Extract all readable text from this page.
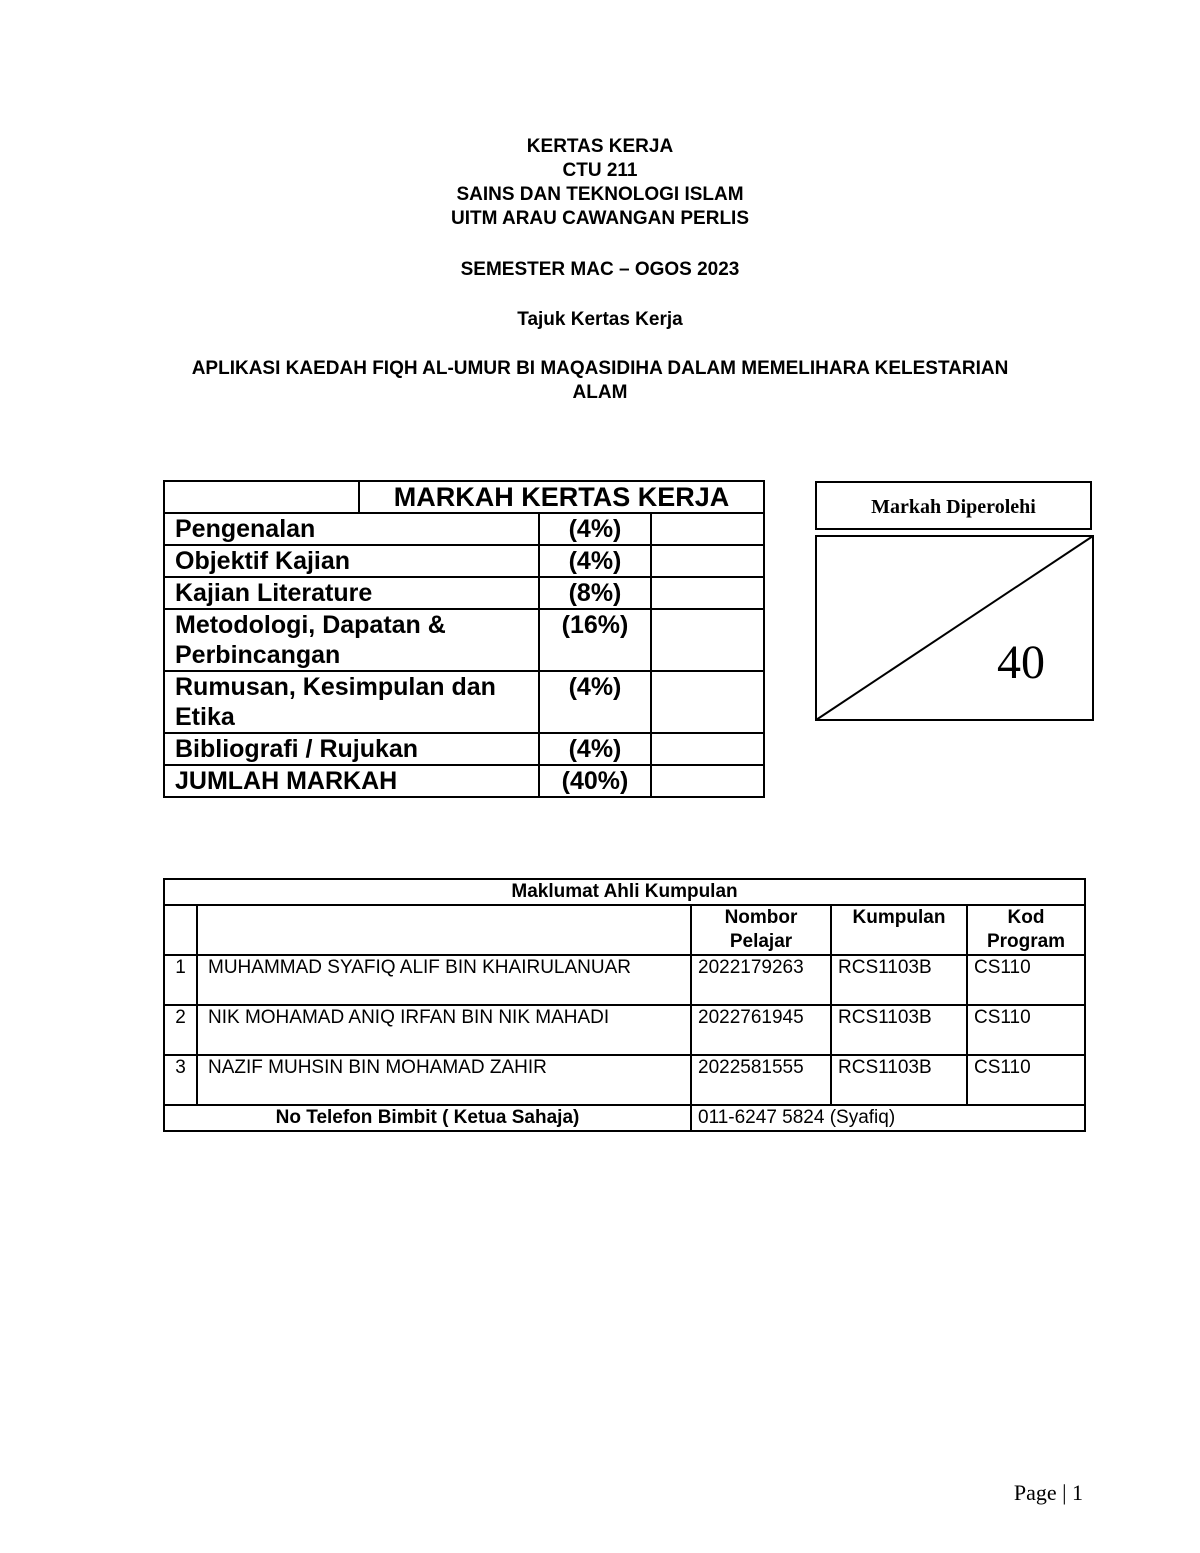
KERTAS KERJA
CTU 211
SAINS DAN TEKNOLOGI ISLAM
UITM ARAU CAWANGAN PERLIS
SEMESTER MAC – OGOS 2023
Tajuk Kertas Kerja
APLIKASI KAEDAH FIQH AL-UMUR BI MAQASIDIHA DALAM MEMELIHARA KELESTARIAN
ALAM
	MARKAH KERTAS KERJA		
Pengenalan		(4%)	
Objektif Kajian		(4%)	
Kajian Literature		(8%)	
Metodologi, Dapatan & Perbincangan		(16%)	
Rumusan, Kesimpulan dan Etika		(4%)	
Bibliografi / Rujukan		(4%)	
JUMLAH MARKAH		(40%)	
Markah Diperolehi
40
Maklumat Ahli Kumpulan				
		Nombor Pelajar	Kumpulan	Kod Program
1	MUHAMMAD SYAFIQ ALIF BIN KHAIRULANUAR	2022179263	RCS1103B	CS110
2	NIK MOHAMAD ANIQ IRFAN BIN NIK MAHADI	2022761945	RCS1103B	CS110
3	NAZIF MUHSIN BIN MOHAMAD ZAHIR	2022581555	RCS1103B	CS110
No Telefon Bimbit ( Ketua Sahaja)		011-6247 5824 (Syafiq)		
Page | 1
